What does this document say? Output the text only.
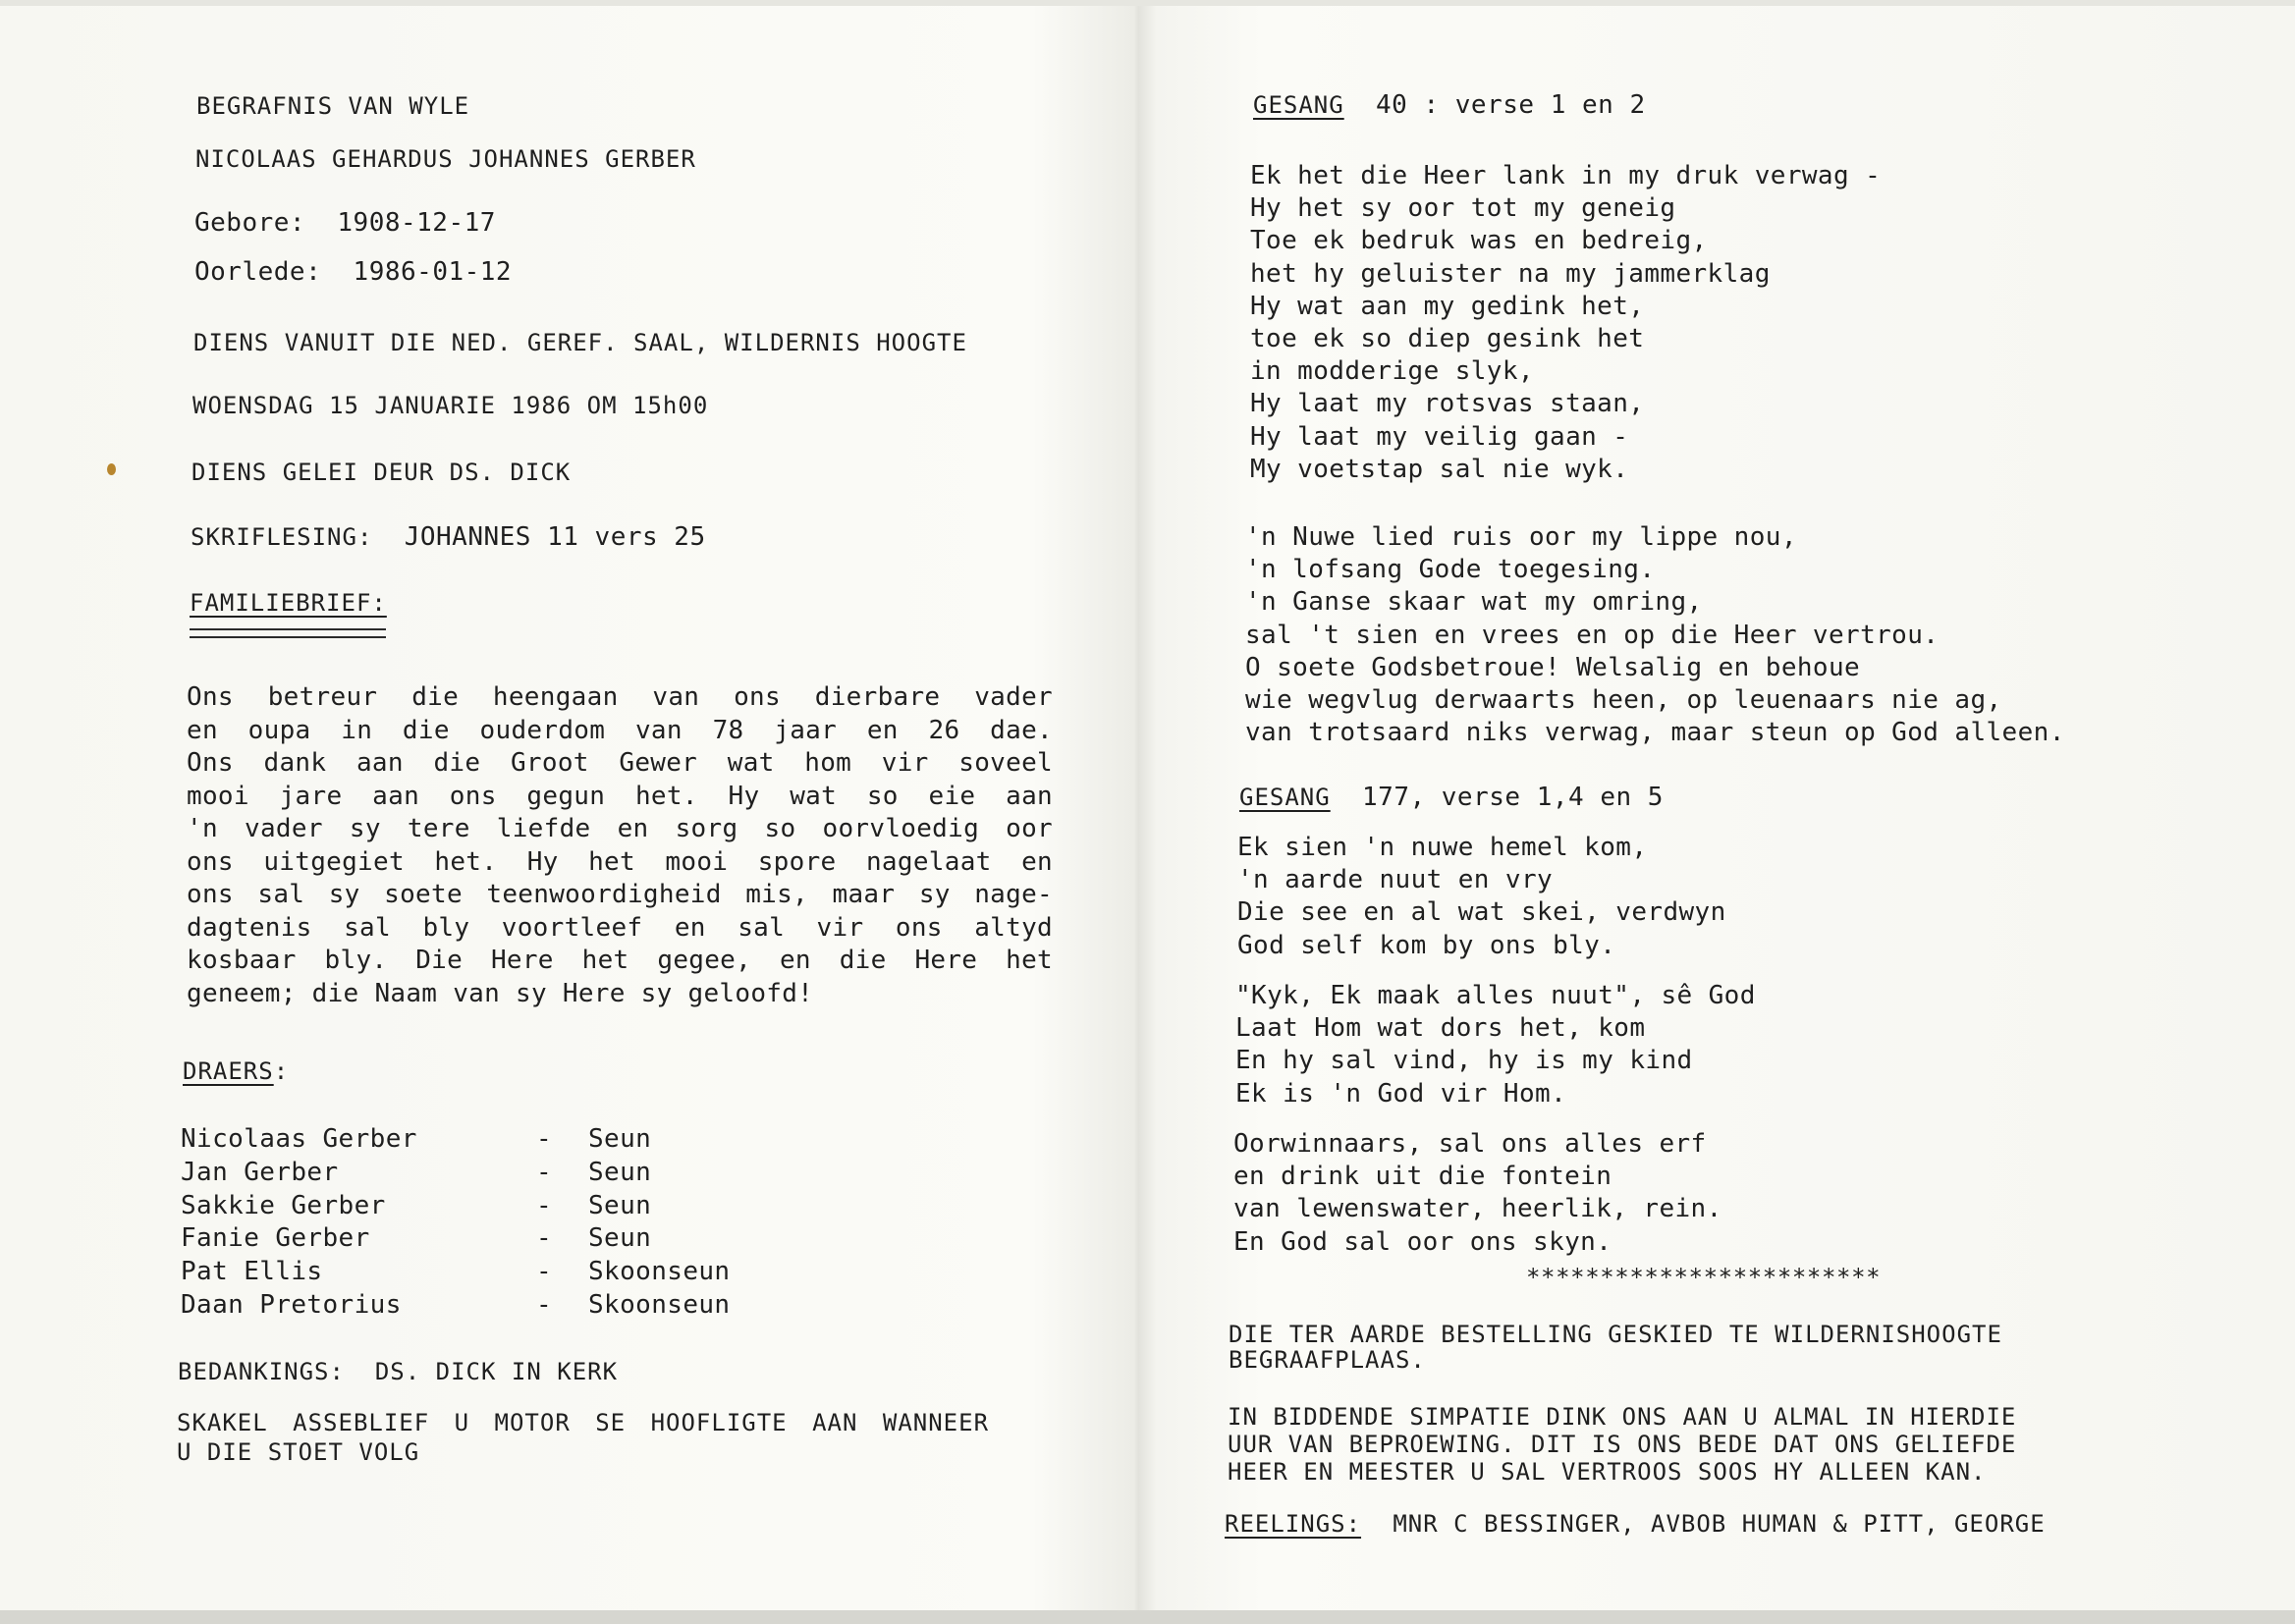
BEGRAFNIS VAN WYLE
NICOLAAS GEHARDUS JOHANNES GERBER
Gebore: 1908-12-17
Oorlede: 1986-01-12
DIENS VANUIT DIE NED. GEREF. SAAL, WILDERNIS HOOGTE
WOENSDAG 15 JANUARIE 1986 OM 15h00
DIENS GELEI DEUR DS. DICK
SKRIFLESING: JOHANNES 11 vers 25
FAMILIEBRIEF:
Ons betreur die heengaan van ons dierbare vader
en oupa in die ouderdom van 78 jaar en 26 dae.
Ons dank aan die Groot Gewer wat hom vir soveel
mooi jare aan ons gegun het. Hy wat so eie aan
'n vader sy tere liefde en sorg so oorvloedig oor
ons uitgegiet het. Hy het mooi spore nagelaat en
ons sal sy soete teenwoordigheid mis, maar sy nage-
dagtenis sal bly voortleef en sal vir ons altyd
kosbaar bly. Die Here het gegee, en die Here het
geneem; die Naam van sy Here sy geloofd!
DRAERS:
Nicolaas Gerber	- Seun
Jan Gerber	- Seun
Sakkie Gerber	- Seun
Fanie Gerber	- Seun
Pat Ellis	- Skoonseun
Daan Pretorius	- Skoonseun
BEDANKINGS: DS. DICK IN KERK
SKAKEL ASSEBLIEF U MOTOR SE HOOFLIGTE AAN WANNEER
U DIE STOET VOLG
GESANG 40 : verse 1 en 2
Ek het die Heer lank in my druk verwag -
Hy het sy oor tot my geneig
Toe ek bedruk was en bedreig,
het hy geluister na my jammerklag
Hy wat aan my gedink het,
toe ek so diep gesink het
in modderige slyk,
Hy laat my rotsvas staan,
Hy laat my veilig gaan -
My voetstap sal nie wyk.
'n Nuwe lied ruis oor my lippe nou,
'n lofsang Gode toegesing.
'n Ganse skaar wat my omring,
sal 't sien en vrees en op die Heer vertrou.
O soete Godsbetroue! Welsalig en behoue
wie wegvlug derwaarts heen, op leuenaars nie ag,
van trotsaard niks verwag, maar steun op God alleen.
GESANG 177, verse 1,4 en 5
Ek sien 'n nuwe hemel kom,
'n aarde nuut en vry
Die see en al wat skei, verdwyn
God self kom by ons bly.
"Kyk, Ek maak alles nuut", sê God
Laat Hom wat dors het, kom
En hy sal vind, hy is my kind
Ek is 'n God vir Hom.
Oorwinnaars, sal ons alles erf
en drink uit die fontein
van lewenswater, heerlik, rein.
En God sal oor ons skyn.
************************
DIE TER AARDE BESTELLING GESKIED TE WILDERNISHOOGTE
BEGRAAFPLAAS.
IN BIDDENDE SIMPATIE DINK ONS AAN U ALMAL IN HIERDIE
UUR VAN BEPROEWING. DIT IS ONS BEDE DAT ONS GELIEFDE
HEER EN MEESTER U SAL VERTROOS SOOS HY ALLEEN KAN.
REELINGS: MNR C BESSINGER, AVBOB HUMAN & PITT, GEORGE
